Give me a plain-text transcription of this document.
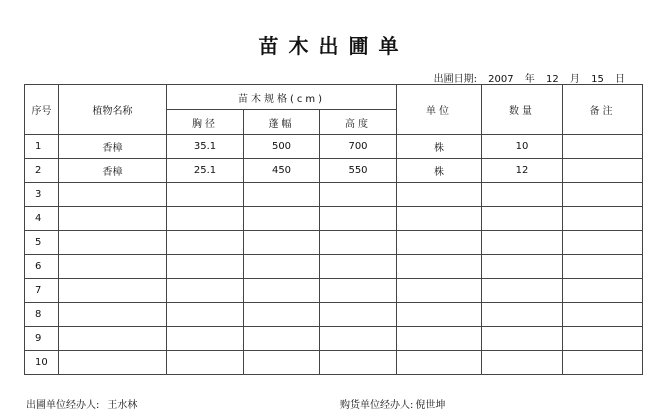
苗木出圃单
出圃日期: 2007 年 12 月 15 日
序号	植物名称	苗木规格(cm)			单位	数量	备注
		胸径	蓬幅	高度			
1	香樟	35.1	500	700	株	10	
2	香樟	25.1	450	550	株	12	
3							
4							
5							
6							
7							
8							
9							
10							
出圃单位经办人: 王水林	购货单位经办人: 倪世坤
